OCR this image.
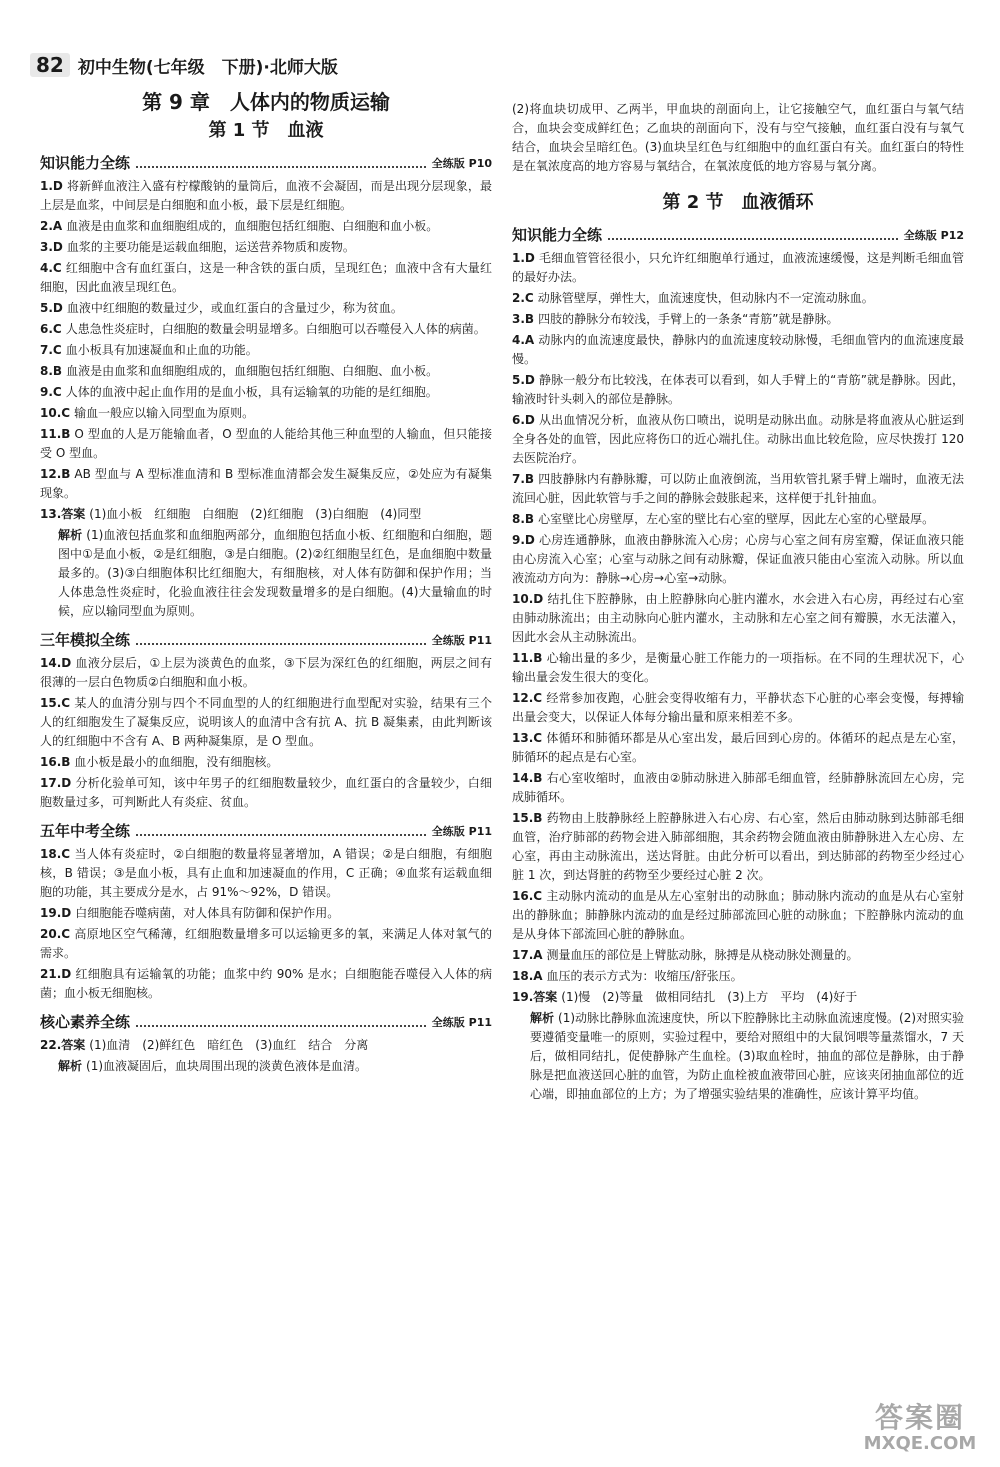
82 初中生物(七年级　下册)·北师大版
第 9 章　人体内的物质运输
第 1 节　血液
知识能力全练	全练版 P10

1.D 将新鲜血液注入盛有柠檬酸钠的量筒后，血液不会凝固，而是出现分层现象，最上层是血浆，中间层是白细胞和血小板，最下层是红细胞。

2.A 血液是由血浆和血细胞组成的，血细胞包括红细胞、白细胞和血小板。

3.D 血浆的主要功能是运载血细胞，运送营养物质和废物。

4.C 红细胞中含有血红蛋白，这是一种含铁的蛋白质，呈现红色；血液中含有大量红细胞，因此血液呈现红色。

5.D 血液中红细胞的数量过少，或血红蛋白的含量过少，称为贫血。

6.C 人患急性炎症时，白细胞的数量会明显增多。白细胞可以吞噬侵入人体的病菌。

7.C 血小板具有加速凝血和止血的功能。

8.B 血液是由血浆和血细胞组成的，血细胞包括红细胞、白细胞、血小板。

9.C 人体的血液中起止血作用的是血小板，具有运输氧的功能的是红细胞。

10.C 输血一般应以输入同型血为原则。

11.B O 型血的人是万能输血者，O 型血的人能给其他三种血型的人输血，但只能接受 O 型血。

12.B AB 型血与 A 型标准血清和 B 型标准血清都会发生凝集反应，②处应为有凝集现象。

13.答案 (1)血小板　红细胞　白细胞　(2)红细胞　(3)白细胞　(4)同型

解析 (1)血液包括血浆和血细胞两部分，血细胞包括血小板、红细胞和白细胞，题图中①是血小板，②是红细胞，③是白细胞。(2)②红细胞呈红色，是血细胞中数量最多的。(3)③白细胞体积比红细胞大，有细胞核，对人体有防御和保护作用；当人体患急性炎症时，化验血液往往会发现数量增多的是白细胞。(4)大量输血的时候，应以输同型血为原则。

三年模拟全练	全练版 P11

14.D 血液分层后，①上层为淡黄色的血浆，③下层为深红色的红细胞，两层之间有很薄的一层白色物质②白细胞和血小板。

15.C 某人的血清分别与四个不同血型的人的红细胞进行血型配对实验，结果有三个人的红细胞发生了凝集反应，说明该人的血清中含有抗 A、抗 B 凝集素，由此判断该人的红细胞中不含有 A、B 两种凝集原，是 O 型血。

16.B 血小板是最小的血细胞，没有细胞核。

17.D 分析化验单可知，该中年男子的红细胞数量较少，血红蛋白的含量较少，白细胞数量过多，可判断此人有炎症、贫血。

五年中考全练	全练版 P11

18.C 当人体有炎症时，②白细胞的数量将显著增加，A 错误；②是白细胞，有细胞核，B 错误；③是血小板，具有止血和加速凝血的作用，C 正确；④血浆有运载血细胞的功能，其主要成分是水，占 91%～92%，D 错误。

19.D 白细胞能吞噬病菌，对人体具有防御和保护作用。

20.C 高原地区空气稀薄，红细胞数量增多可以运输更多的氧，来满足人体对氧气的需求。

21.D 红细胞具有运输氧的功能；血浆中约 90% 是水；白细胞能吞噬侵入人体的病菌；血小板无细胞核。

核心素养全练	全练版 P11

22.答案 (1)血清　(2)鲜红色　暗红色　(3)血红　结合　分离

解析 (1)血液凝固后，血块周围出现的淡黄色液体是血清。

(2)将血块切成甲、乙两半，甲血块的剖面向上，让它接触空气，血红蛋白与氧气结合，血块会变成鲜红色；乙血块的剖面向下，没有与空气接触，血红蛋白没有与氧气结合，血块会呈暗红色。(3)血块呈红色与红细胞中的血红蛋白有关。血红蛋白的特性是在氧浓度高的地方容易与氧结合，在氧浓度低的地方容易与氧分离。

第 2 节　血液循环
知识能力全练	全练版 P12

1.D 毛细血管管径很小，只允许红细胞单行通过，血液流速缓慢，这是判断毛细血管的最好办法。

2.C 动脉管壁厚，弹性大，血流速度快，但动脉内不一定流动脉血。

3.B 四肢的静脉分布较浅，手臂上的一条条“青筋”就是静脉。

4.A 动脉内的血流速度最快，静脉内的血流速度较动脉慢，毛细血管内的血流速度最慢。

5.D 静脉一般分布比较浅，在体表可以看到，如人手臂上的“青筋”就是静脉。因此，输液时针头刺入的部位是静脉。

6.D 从出血情况分析，血液从伤口喷出，说明是动脉出血。动脉是将血液从心脏运到全身各处的血管，因此应将伤口的近心端扎住。动脉出血比较危险，应尽快拨打 120 去医院治疗。

7.B 四肢静脉内有静脉瓣，可以防止血液倒流，当用软管扎紧手臂上端时，血液无法流回心脏，因此软管与手之间的静脉会鼓胀起来，这样便于扎针抽血。

8.B 心室壁比心房壁厚，左心室的壁比右心室的壁厚，因此左心室的心壁最厚。

9.D 心房连通静脉，血液由静脉流入心房；心房与心室之间有房室瓣，保证血液只能由心房流入心室；心室与动脉之间有动脉瓣，保证血液只能由心室流入动脉。所以血液流动方向为：静脉→心房→心室→动脉。

10.D 结扎住下腔静脉，由上腔静脉向心脏内灌水，水会进入右心房，再经过右心室由肺动脉流出；由主动脉向心脏内灌水，主动脉和左心室之间有瓣膜，水无法灌入，因此水会从主动脉流出。

11.B 心输出量的多少，是衡量心脏工作能力的一项指标。在不同的生理状况下，心输出量会发生很大的变化。

12.C 经常参加夜跑，心脏会变得收缩有力，平静状态下心脏的心率会变慢，每搏输出量会变大，以保证人体每分输出量和原来相差不多。

13.C 体循环和肺循环都是从心室出发，最后回到心房的。体循环的起点是左心室，肺循环的起点是右心室。

14.B 右心室收缩时，血液由②肺动脉进入肺部毛细血管，经肺静脉流回左心房，完成肺循环。

15.B 药物由上肢静脉经上腔静脉进入右心房、右心室，然后由肺动脉到达肺部毛细血管，治疗肺部的药物会进入肺部细胞，其余药物会随血液由肺静脉进入左心房、左心室，再由主动脉流出，送达肾脏。由此分析可以看出，到达肺部的药物至少经过心脏 1 次，到达肾脏的药物至少要经过心脏 2 次。

16.C 主动脉内流动的血是从左心室射出的动脉血；肺动脉内流动的血是从右心室射出的静脉血；肺静脉内流动的血是经过肺部流回心脏的动脉血；下腔静脉内流动的血是从身体下部流回心脏的静脉血。

17.A 测量血压的部位是上臂肱动脉，脉搏是从桡动脉处测量的。

18.A 血压的表示方式为：收缩压/舒张压。

19.答案 (1)慢　(2)等量　做相同结扎　(3)上方　平均　(4)好于

解析 (1)动脉比静脉血流速度快，所以下腔静脉比主动脉血流速度慢。(2)对照实验要遵循变量唯一的原则，实验过程中，要给对照组中的大鼠饲喂等量蒸馏水，7 天后，做相同结扎，促使静脉产生血栓。(3)取血栓时，抽血的部位是静脉，由于静脉是把血液送回心脏的血管，为防止血栓被血液带回心脏，应该夹闭抽血部位的近心端，即抽血部位的上方；为了增强实验结果的准确性，应该计算平均值。

答案圈
MXQE.COM
